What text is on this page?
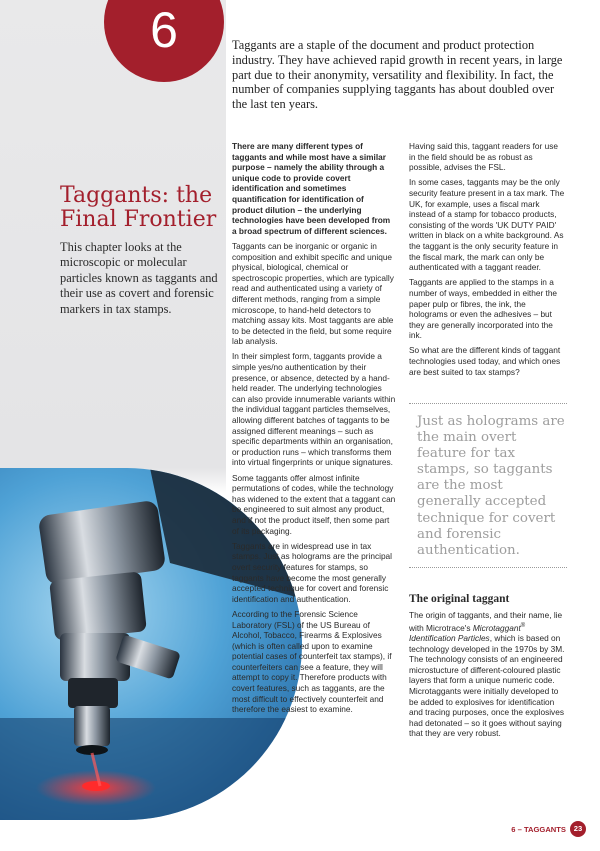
6
Taggants: the Final Frontier

This chapter looks at the microscopic or molecular particles known as taggants and their use as covert and forensic markers in tax stamps.

Taggants are a staple of the document and product protection industry. They have achieved rapid growth in recent years, in large part due to their anonymity, versatility and flexibility. In fact, the number of companies supplying taggants has about doubled over the last ten years.

There are many different types of taggants and while most have a similar purpose – namely the ability through a unique code to provide covert identification and sometimes quantification for identification of product dilution – the underlying technologies have been developed from a broad spectrum of different sciences.

Taggants can be inorganic or organic in composition and exhibit specific and unique physical, biological, chemical or spectroscopic properties, which are typically read and authenticated using a variety of different methods, ranging from a simple microscope, to hand-held detectors to matching assay kits. Most taggants are able to be detected in the field, but some require lab analysis.

In their simplest form, taggants provide a simple yes/no authentication by their presence, or absence, detected by a hand-held reader. The underlying technologies can also provide innumerable variants within the individual taggant particles themselves, allowing different batches of taggants to be assigned different meanings – such as specific departments within an organisation, or production runs – which transforms them into virtual fingerprints or unique signatures.

Some taggants offer almost infinite permutations of codes, while the technology has widened to the extent that a taggant can be engineered to suit almost any product, and if not the product itself, then some part of its packaging.

Taggants are in widespread use in tax stamps. Just as holograms are the principal overt security features for stamps, so taggants have become the most generally accepted technique for covert and forensic identification and authentication.

According to the Forensic Science Laboratory (FSL) of the US Bureau of Alcohol, Tobacco, Firearms & Explosives (which is often called upon to examine potential cases of counterfeit tax stamps), if counterfeiters can see a feature, they will attempt to copy it. Therefore products with covert features, such as taggants, are the most difficult to effectively counterfeit and therefore the easiest to examine.

Having said this, taggant readers for use in the field should be as robust as possible, advises the FSL.

In some cases, taggants may be the only security feature present in a tax mark. The UK, for example, uses a fiscal mark instead of a stamp for tobacco products, consisting of the words 'UK DUTY PAID' written in black on a white background. As the taggant is the only security feature in the fiscal mark, the mark can only be authenticated with a taggant reader.

Taggants are applied to the stamps in a number of ways, embedded in either the paper pulp or fibres, the ink, the holograms or even the adhesives – but they are generally incorporated into the ink.

So what are the different kinds of taggant technologies used today, and which ones are best suited to tax stamps?

Just as holograms are the main overt feature for tax stamps, so taggants are the most generally accepted technique for covert and forensic authentication.

The original taggant

The origin of taggants, and their name, lie with Microtrace's Microtaggant® Identification Particles, which is based on technology developed in the 1970s by 3M. The technology consists of an engineered microstucture of different-coloured plastic layers that form a unique numeric code. Microtaggants were initially developed to be added to explosives for identification and tracing purposes, once the explosives had detonated – so it goes without saying that they are very robust.

6 – TAGGANTS	23
